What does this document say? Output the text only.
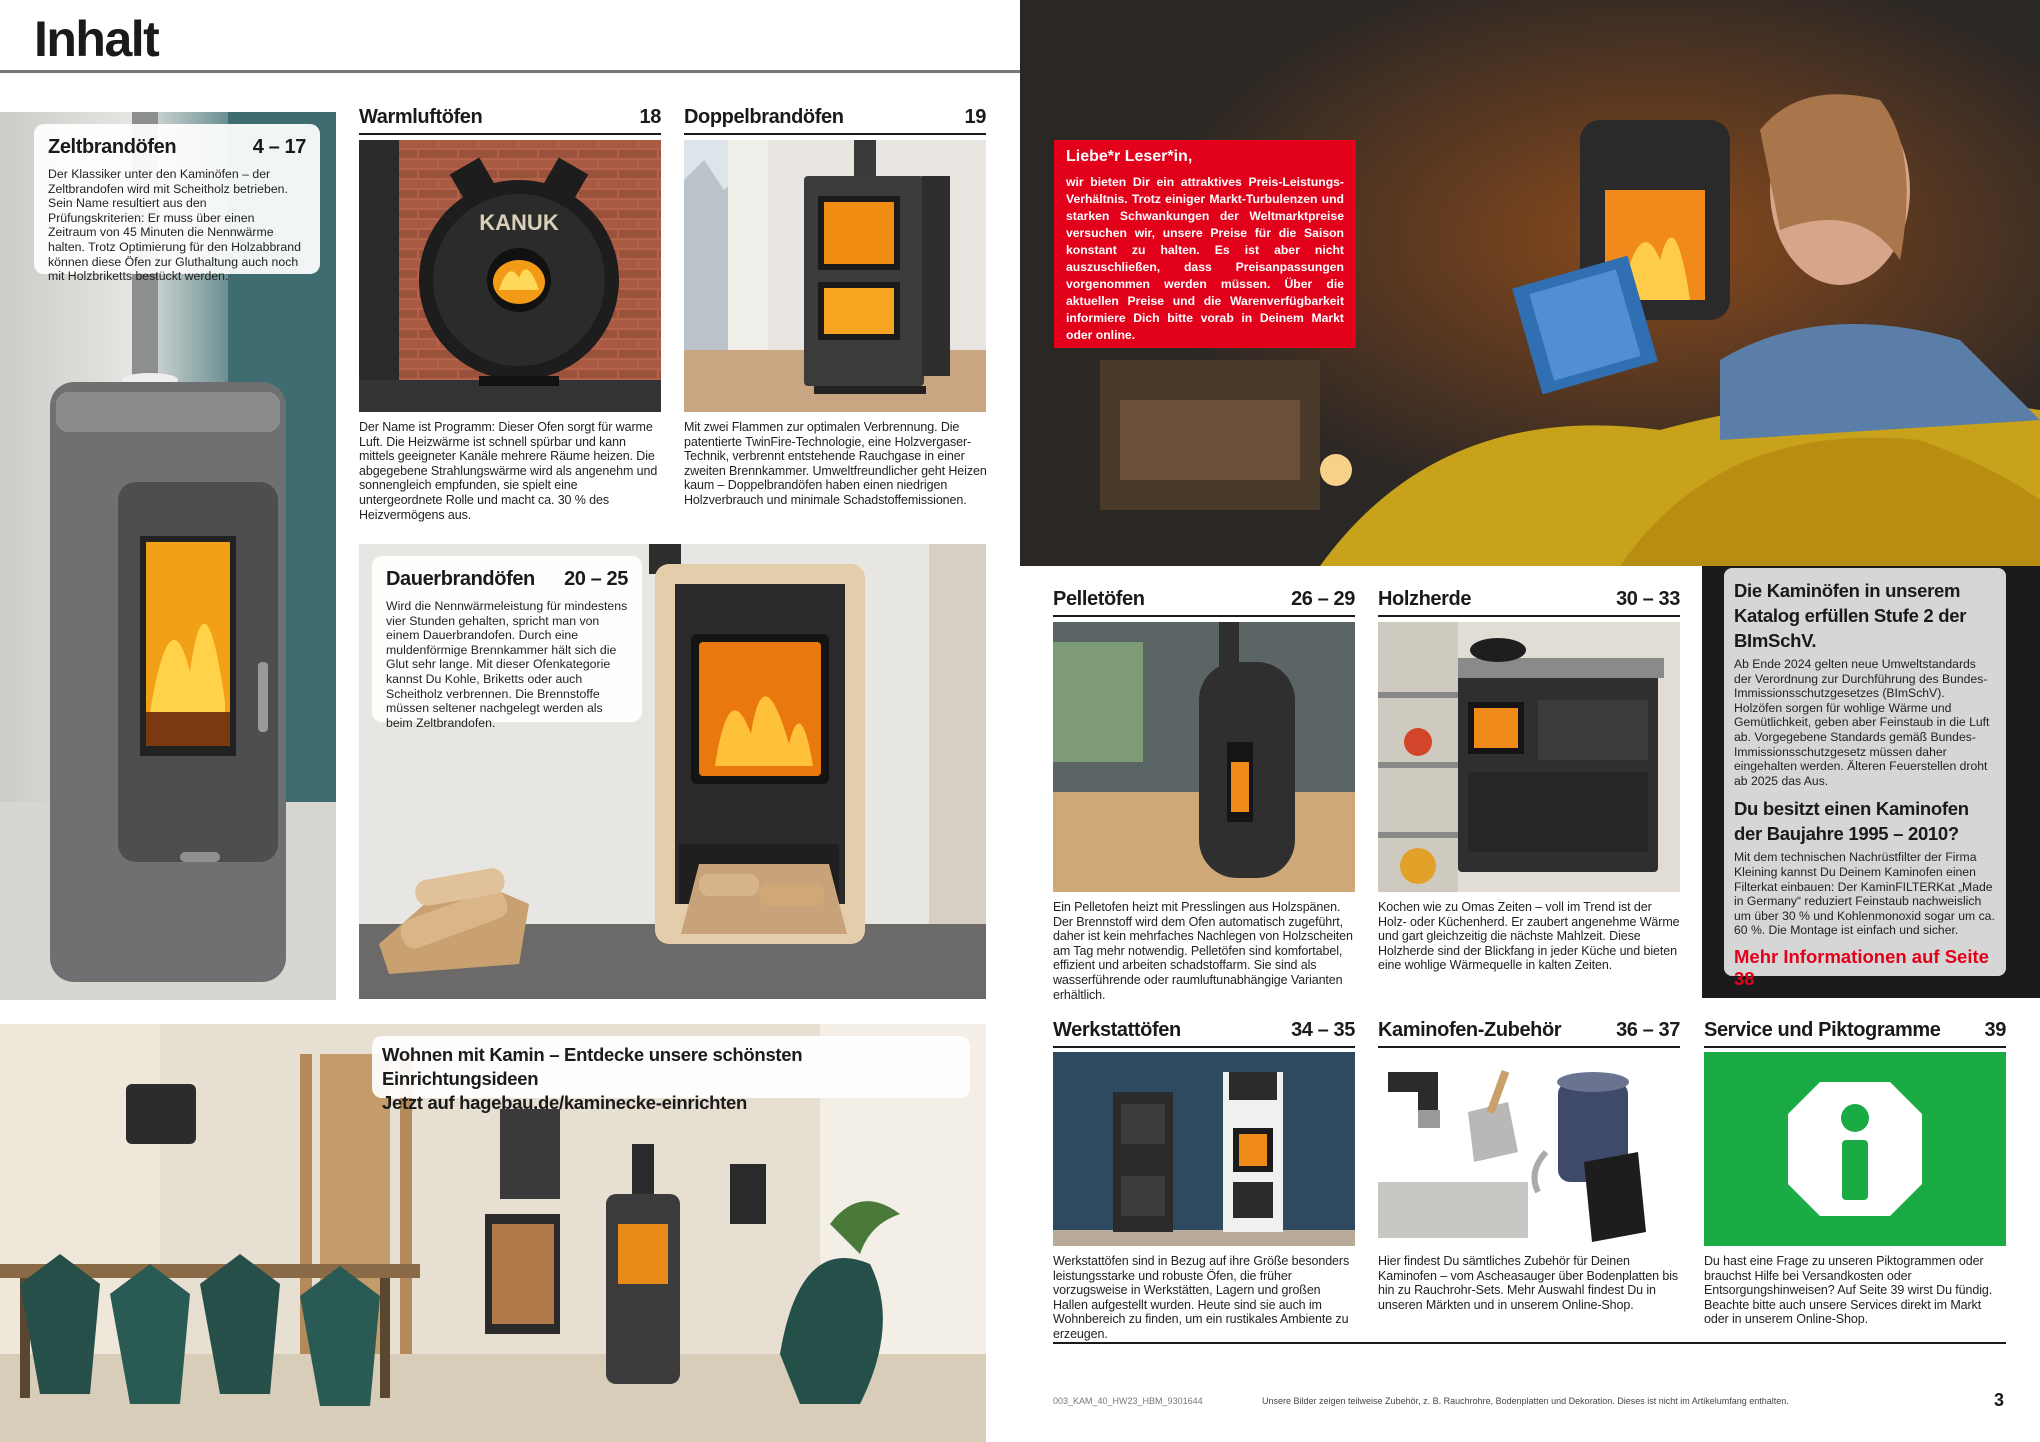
Inhalt
Zeltbrandöfen	4 – 17
Der Klassiker unter den Kaminöfen – der Zeltbrandofen wird mit Scheitholz betrieben. Sein Name resultiert aus den Prüfungskriterien: Er muss über einen Zeitraum von 45 Minuten die Nennwärme halten. Trotz Optimierung für den Holzabbrand können diese Öfen zur Gluthaltung auch noch mit Holzbriketts bestückt werden.
Warmluftöfen	18
KANUK
Der Name ist Programm: Dieser Ofen sorgt für warme Luft. Die Heizwärme ist schnell spürbar und kann mittels geeigneter Kanäle mehrere Räume heizen. Die abgegebene Strahlungswärme wird als angenehm und sonnengleich empfunden, sie spielt eine untergeordnete Rolle und macht ca. 30 % des Heizvermögens aus.
Doppelbrandöfen	19
Mit zwei Flammen zur optimalen Verbrennung. Die patentierte TwinFire-Technologie, eine Holzvergaser-Technik, verbrennt entstehende Rauchgase in einer zweiten Brennkammer. Umweltfreundlicher geht Heizen kaum – Doppelbrandöfen haben einen niedrigen Holzverbrauch und minimale Schadstoffemissionen.
Dauerbrandöfen 20 – 25
Wird die Nennwärmeleistung für mindestens vier Stunden gehalten, spricht man von einem Dauerbrandofen. Durch eine muldenförmige Brennkammer hält sich die Glut sehr lange. Mit dieser Ofenkategorie kannst Du Kohle, Briketts oder auch Scheitholz verbrennen. Die Brennstoffe müssen seltener nachgelegt werden als beim Zeltbrandofen.
Wohnen mit Kamin – Entdecke unsere schönsten Einrichtungsideen
Jetzt auf hagebau.de/kaminecke-einrichten
Liebe*r Leser*in,
wir bieten Dir ein attraktives Preis-Leistungs-Verhältnis. Trotz einiger Markt-Turbulenzen und starken Schwankungen der Weltmarktpreise versuchen wir, unsere Preise für die Saison konstant zu halten. Es ist aber nicht auszuschließen, dass Preisanpassungen vorgenommen werden müssen. Über die aktuellen Preise und die Warenverfügbarkeit informiere Dich bitte vorab in Deinem Markt oder online.
Pelletöfen	26 – 29
Ein Pelletofen heizt mit Presslingen aus Holzspänen. Der Brennstoff wird dem Ofen automatisch zugeführt, daher ist kein mehrfaches Nachlegen von Holzscheiten am Tag mehr notwendig. Pelletöfen sind komfortabel, effizient und arbeiten schadstoffarm. Sie sind als wasserführende oder raumluftunabhängige Varianten erhältlich.
Holzherde	30 – 33
Kochen wie zu Omas Zeiten – voll im Trend ist der Holz- oder Küchenherd. Er zaubert angenehme Wärme und gart gleichzeitig die nächste Mahlzeit. Diese Holzherde sind der Blickfang in jeder Küche und bieten eine wohlige Wärmequelle in kalten Zeiten.
Die Kaminöfen in unserem Katalog erfüllen Stufe 2 der BImSchV.
Ab Ende 2024 gelten neue Umweltstandards der Verordnung zur Durchführung des Bundes-Immissionsschutzgesetzes (BImSchV). Holzöfen sorgen für wohlige Wärme und Gemütlichkeit, geben aber Feinstaub in die Luft ab. Vorgegebene Standards gemäß Bundes-Immissionsschutzgesetz müssen daher eingehalten werden. Älteren Feuerstellen droht ab 2025 das Aus.
Du besitzt einen Kaminofen der Baujahre 1995 – 2010?
Mit dem technischen Nachrüstfilter der Firma Kleining kannst Du Deinem Kaminofen einen Filterkat einbauen: Der KaminFILTERKat „Made in Germany“ reduziert Feinstaub nachweislich um über 30 % und Kohlenmonoxid sogar um ca. 60 %. Die Montage ist einfach und sicher.
Mehr Informationen auf Seite 38
Werkstattöfen	34 – 35
Werkstattöfen sind in Bezug auf ihre Größe besonders leistungsstarke und robuste Öfen, die früher vorzugsweise in Werkstätten, Lagern und großen Hallen aufgestellt wurden. Heute sind sie auch im Wohnbereich zu finden, um ein rustikales Ambiente zu erzeugen.
Kaminofen-Zubehör	36 – 37
Hier findest Du sämtliches Zubehör für Deinen Kaminofen – vom Ascheasauger über Bodenplatten bis hin zu Rauchrohr-Sets. Mehr Auswahl findest Du in unseren Märkten und in unserem Online-Shop.
Service und Piktogramme 39
Du hast eine Frage zu unseren Piktogrammen oder brauchst Hilfe bei Versandkosten oder Entsorgungshinweisen? Auf Seite 39 wirst Du fündig. Beachte bitte auch unsere Services direkt im Markt oder in unserem Online-Shop.
003_KAM_40_HW23_HBM_9301644	Unsere Bilder zeigen teilweise Zubehör, z. B. Rauchrohre, Bodenplatten und Dekoration. Dieses ist nicht im Artikelumfang enthalten.	3
